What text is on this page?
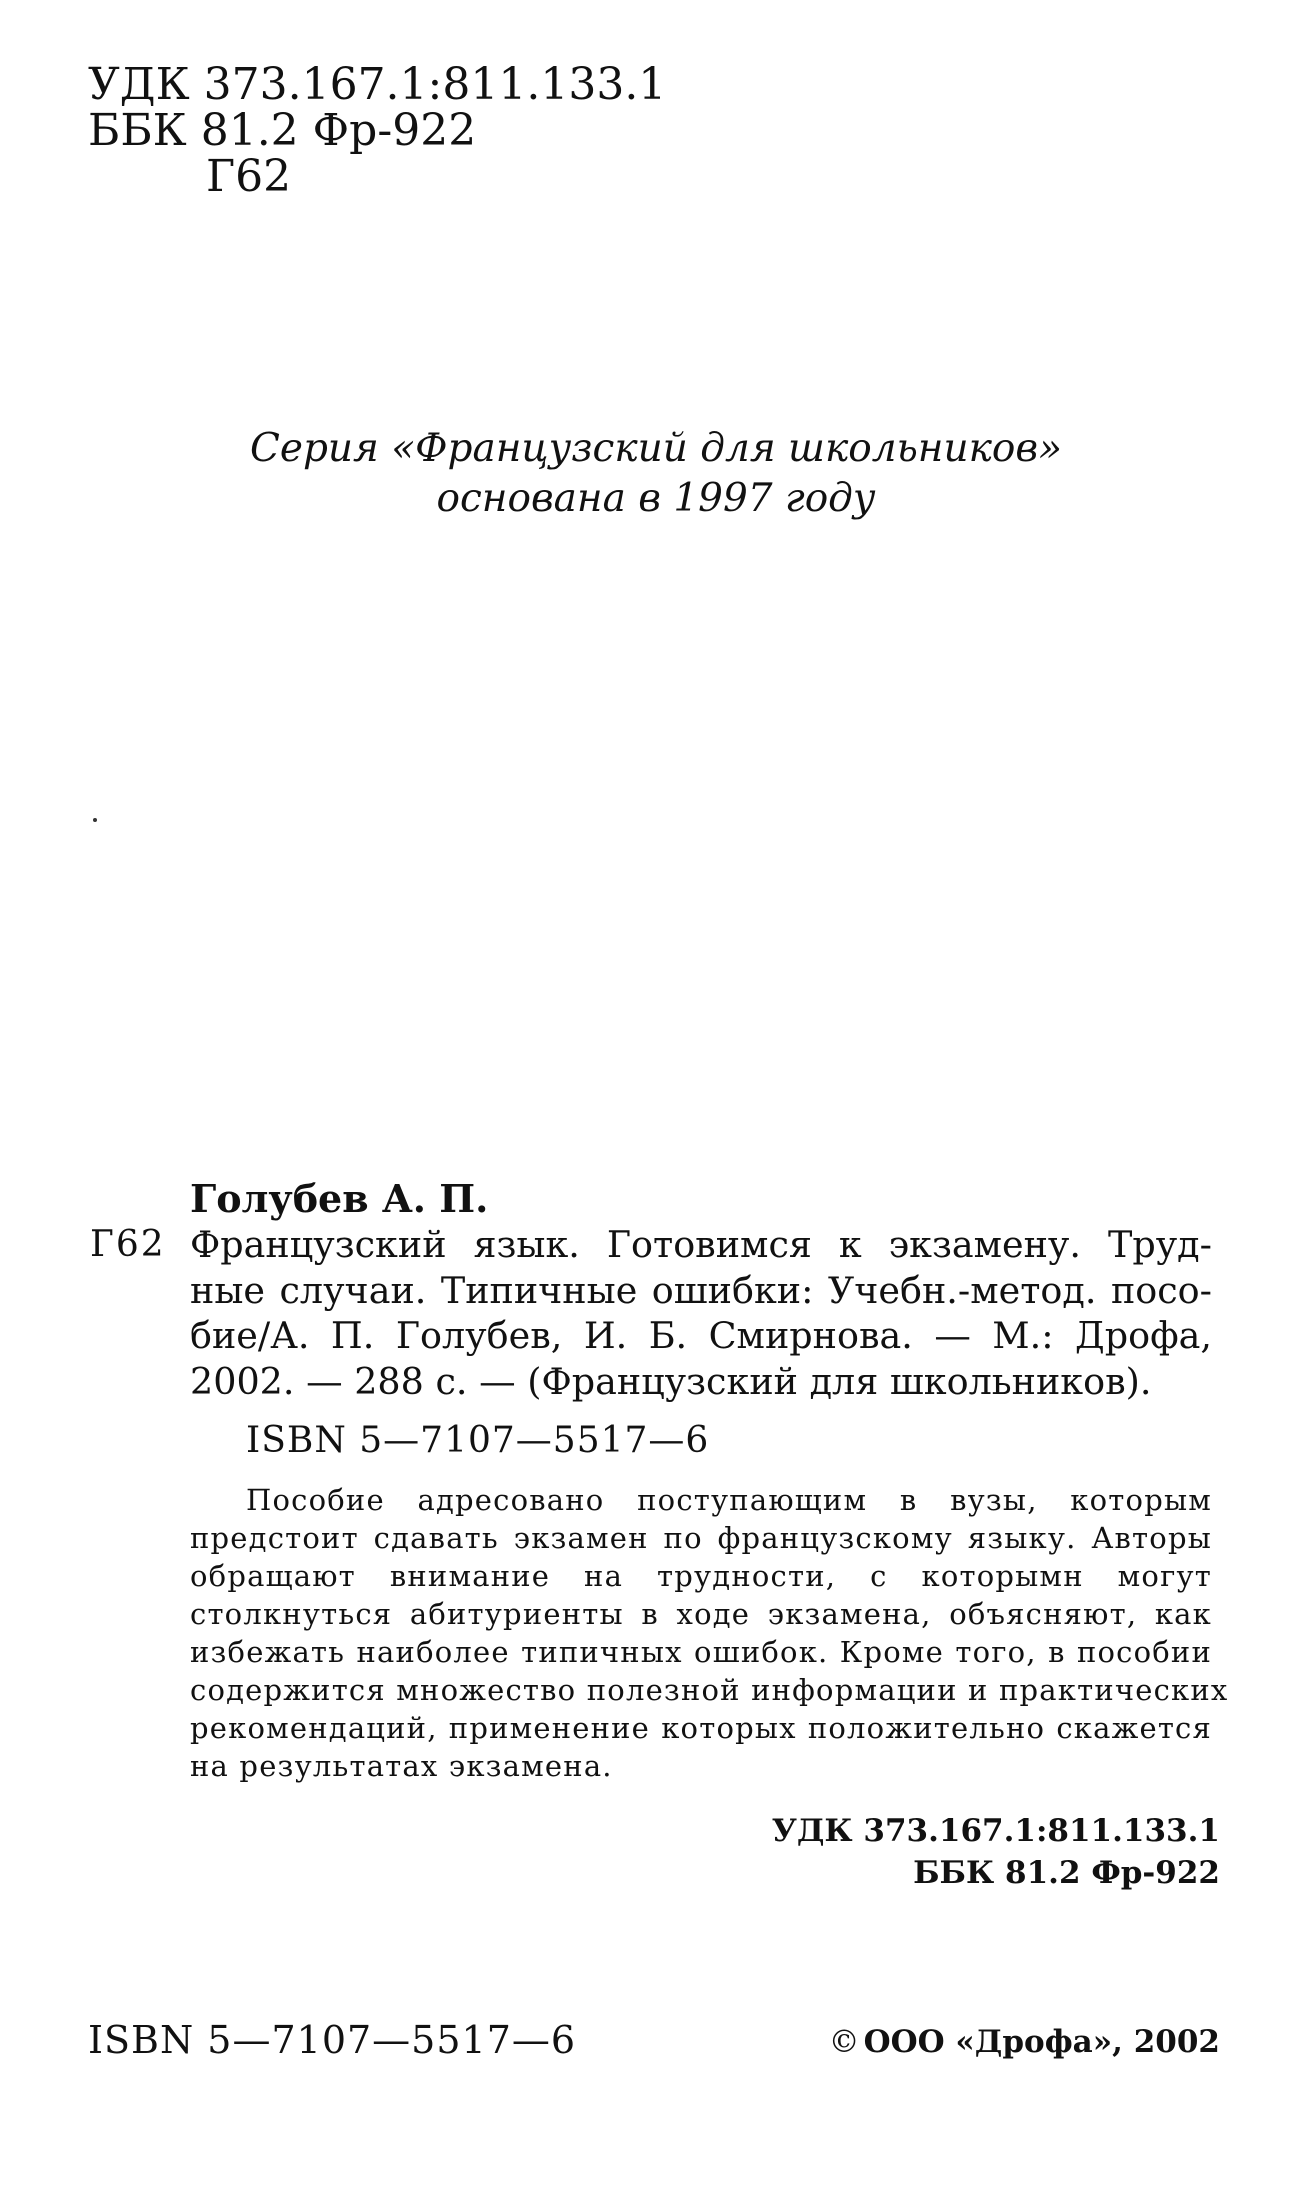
УДК 373.167.1:811.133.1
ББК 81.2 Фр-922
Г62
Серия «Французский для школьников»
основана в 1997 году
Голубев А. П.
Г62 Французский язык. Готовимся к экзамену. Труд-
ные случаи. Типичные ошибки: Учебн.-метод. посо-
бие/А. П. Голубев, И. Б. Смирнова. — М.: Дрофа,
2002. — 288 с. — (Французский для школьников).
ISBN 5—7107—5517—6
Пособие адресовано поступающим в вузы, которым
предстоит сдавать экзамен по французскому языку. Авторы
обращают внимание на трудности, с которымн могут
столкнуться абитуриенты в ходе экзамена, объясняют, как
избежать наиболее типичных ошибок. Кроме того, в пособии
содержится множество полезной информации и практических
рекомендаций, применение которых положительно скажется
на результатах экзамена.
УДК 373.167.1:811.133.1
ББК 81.2 Фр-922
ISBN 5—7107—5517—6	© ООО «Дрофа», 2002
